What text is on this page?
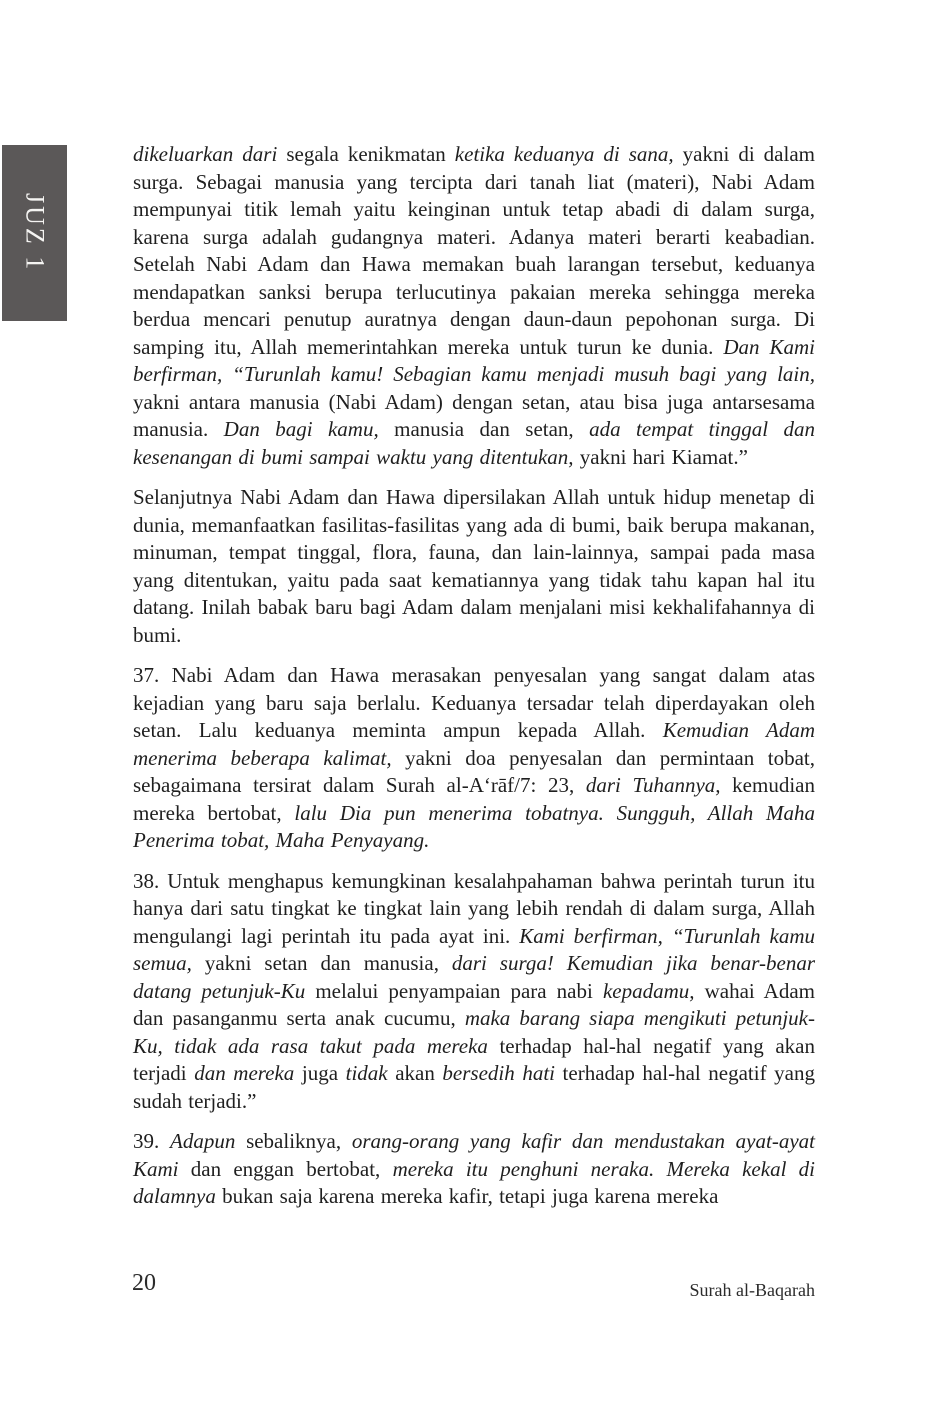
JUZ 1

dikeluarkan dari segala kenikmatan ketika keduanya di sana, yakni di dalam surga. Sebagai manusia yang tercipta dari tanah liat (materi), Nabi Adam mempunyai titik lemah yaitu keinginan untuk tetap abadi di dalam surga, karena surga adalah gudangnya materi. Adanya materi berarti keabadian. Setelah Nabi Adam dan Hawa memakan buah larangan tersebut, keduanya mendapatkan sanksi berupa terlucutinya pakaian mereka sehingga mereka berdua mencari penutup auratnya dengan daun-daun pepohonan surga. Di samping itu, Allah memerintahkan mereka untuk turun ke dunia. Dan Kami berfirman, “Turunlah kamu! Sebagian kamu menjadi musuh bagi yang lain, yakni antara manusia (Nabi Adam) dengan setan, atau bisa juga antarsesama manusia. Dan bagi kamu, manusia dan setan, ada tempat tinggal dan kesenangan di bumi sampai waktu yang ditentukan, yakni hari Kiamat.”

Selanjutnya Nabi Adam dan Hawa dipersilakan Allah untuk hidup menetap di dunia, memanfaatkan fasilitas-fasilitas yang ada di bumi, baik berupa makanan, minuman, tempat tinggal, flora, fauna, dan lain-lainnya, sampai pada masa yang ditentukan, yaitu pada saat kematiannya yang tidak tahu kapan hal itu datang. Inilah babak baru bagi Adam dalam menjalani misi kekhalifahannya di bumi.

37. Nabi Adam dan Hawa merasakan penyesalan yang sangat dalam atas kejadian yang baru saja berlalu. Keduanya tersadar telah diperdayakan oleh setan. Lalu keduanya meminta ampun kepada Allah. Kemudian Adam menerima beberapa kalimat, yakni doa penyesalan dan permintaan tobat, sebagaimana tersirat dalam Surah al-A‘rāf/7: 23, dari Tuhannya, kemudian mereka bertobat, lalu Dia pun menerima tobatnya. Sungguh, Allah Maha Penerima tobat, Maha Penyayang.

38. Untuk menghapus kemungkinan kesalahpahaman bahwa perintah turun itu hanya dari satu tingkat ke tingkat lain yang lebih rendah di dalam surga, Allah mengulangi lagi perintah itu pada ayat ini. Kami berfirman, “Turunlah kamu semua, yakni setan dan manusia, dari surga! Kemudian jika benar-benar datang petunjuk-Ku melalui penyampaian para nabi kepadamu, wahai Adam dan pasanganmu serta anak cucumu, maka barang siapa mengikuti petunjuk-Ku, tidak ada rasa takut pada mereka terhadap hal-hal negatif yang akan terjadi dan mereka juga tidak akan bersedih hati terhadap hal-hal negatif yang sudah terjadi.”

39. Adapun sebaliknya, orang-orang yang kafir dan mendustakan ayat-ayat Kami dan enggan bertobat, mereka itu penghuni neraka. Mereka kekal di dalamnya bukan saja karena mereka kafir, tetapi juga karena mereka

20	Surah al-Baqarah
